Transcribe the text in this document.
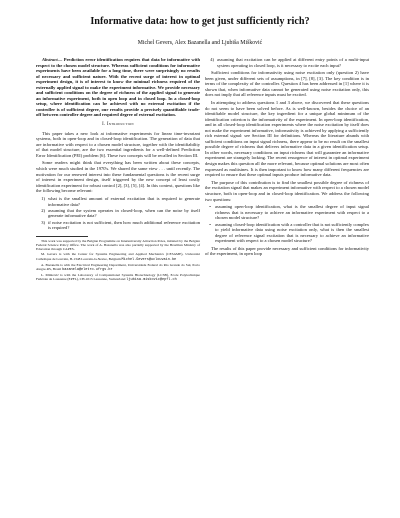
Informative data: how to get just sufficiently rich?
Michel Gevers, Alex Bazanella and Ljubiša Mišković

Abstract— Prediction error identification requires that data be informative with respect to the chosen model structure. Whereas sufficient conditions for informative experiments have been available for a long time, there were surprisingly no results of necessary and sufficient nature. With the recent surge of interest in optimal experiment design, it is of interest to know the minimal richness required of the externally applied signal to make the experiment informative. We provide necessary and sufficient conditions on the degree of richness of the applied signal to generate an informative experiment, both in open loop and in closed loop. In a closed-loop setup, where identification can be achieved with no external excitation if the controller is of sufficient degree, our results provide a precisely quantifiable trade-off between controller degree and required degree of external excitation.

I. Introduction

This paper takes a new look at informative experiments for linear time-invariant systems, both in open-loop and in closed-loop identification. The generation of data that are informative with respect to a chosen model structure, together with the identifiability of that model structure, are the two essential ingredients for a well-defined Prediction Error Identification (PEI) problem [6]. These two concepts will be recalled in Section III.

Some readers might think that everything has been written about these concepts, which were much studied in the 1970's. We shared the same view . . . until recently. The motivation for our renewed interest into these fundamental questions is the recent surge of interest in experiment design, itself triggered by the new concept of least costly identification experiment for robust control [2], [3], [5], [4]. In this context, questions like the following become relevant:

1) what is the smallest amount of external excitation that is required to generate informative data?
2) assuming that the system operates in closed-loop, when can the noise by itself generate informative data?
3) if noise excitation is not sufficient, then how much additional reference excitation is required?

This work was supported by the Belgian Programme on Interuniversity Attraction Poles, initiated by the Belgian Federal Science Policy Office. The work of A. Bazanella was also partially supported by the Brazilian Ministry of Education through CAPES.

M. Gevers is with the Center for Systems Engineering and Applied Mechanics (CESAME), Université Catholique de Louvain, B-1348 Louvain-la-Neuve, Belgium Michel.Gevers@uclouvain.be

A. Bazanella is with the Electrical Engineering Department, Universidade Federal do Rio Grande do Sul, Porto Alegre-RS, Brazil bazanela@eletro.ufrgs.br

L. Mišković is with the Laboratory of Computational Systems Biotechnology (LCSB), Ecole Polytechnique Fédérale de Lausanne (EPFL), CH-1015 Lausanne, Switzerland ljubisa.miskovic@epfl.ch

4) assuming that excitation can be applied at different entry points of a multi-input system operating in closed loop, is it necessary to excite each input?

Sufficient conditions for informativity using noise excitation only (question 2) have been given, under different sets of assumptions, in [7], [8], [3]. The key condition is in terms of the complexity of the controller. Question 4 has been addressed in [1] where it is shown that, when informative data cannot be generated using noise excitation only, this does not imply that all reference inputs must be excited.

In attempting to address questions 1 and 3 above, we discovered that these questions do not seem to have been solved before. As is well-known, besides the choice of an identifiable model structure, the key ingredient for a unique global minimum of the identification criterion is the informativity of the experiment. In open-loop identification, and in all closed-loop identification experiments where the noise excitation by itself does not make the experiment informative, informativity is achieved by applying a sufficiently rich external signal: see Section III for definitions. Whereas the literature abunds with sufficient conditions on input signal richness, there appear to be no result on the smallest possible degree of richness that delivers informative data in a given identification setup. In other words, necessary conditions on input richness that will guarantee an informative experiment are strangely lacking. The recent resurgence of interest in optimal experiment design makes this question all the more relevant, because optimal solutions are most often expressed as multisines. It is then important to know how many different frequencies are required to ensure that these optimal inputs produce informative data.

The purpose of this contribution is to find the smallest possible degree of richness of the excitation signal that makes an experiment informative with respect to a chosen model structure, both in open-loop and in closed-loop identification. We address the following two questions:

• assuming open-loop identification, what is the smallest degree of input signal richness that is necessary to achieve an informative experiment with respect to a chosen model structure?
• assuming closed-loop identification with a controller that is not sufficiently complex to yield informative data using noise excitation only, what is then the smallest degree of reference signal excitation that is necessary to achieve an informative experiment with respect to a chosen model structure?

The results of this paper provide necessary and sufficient conditions for informativity of the experiment, in open loop
